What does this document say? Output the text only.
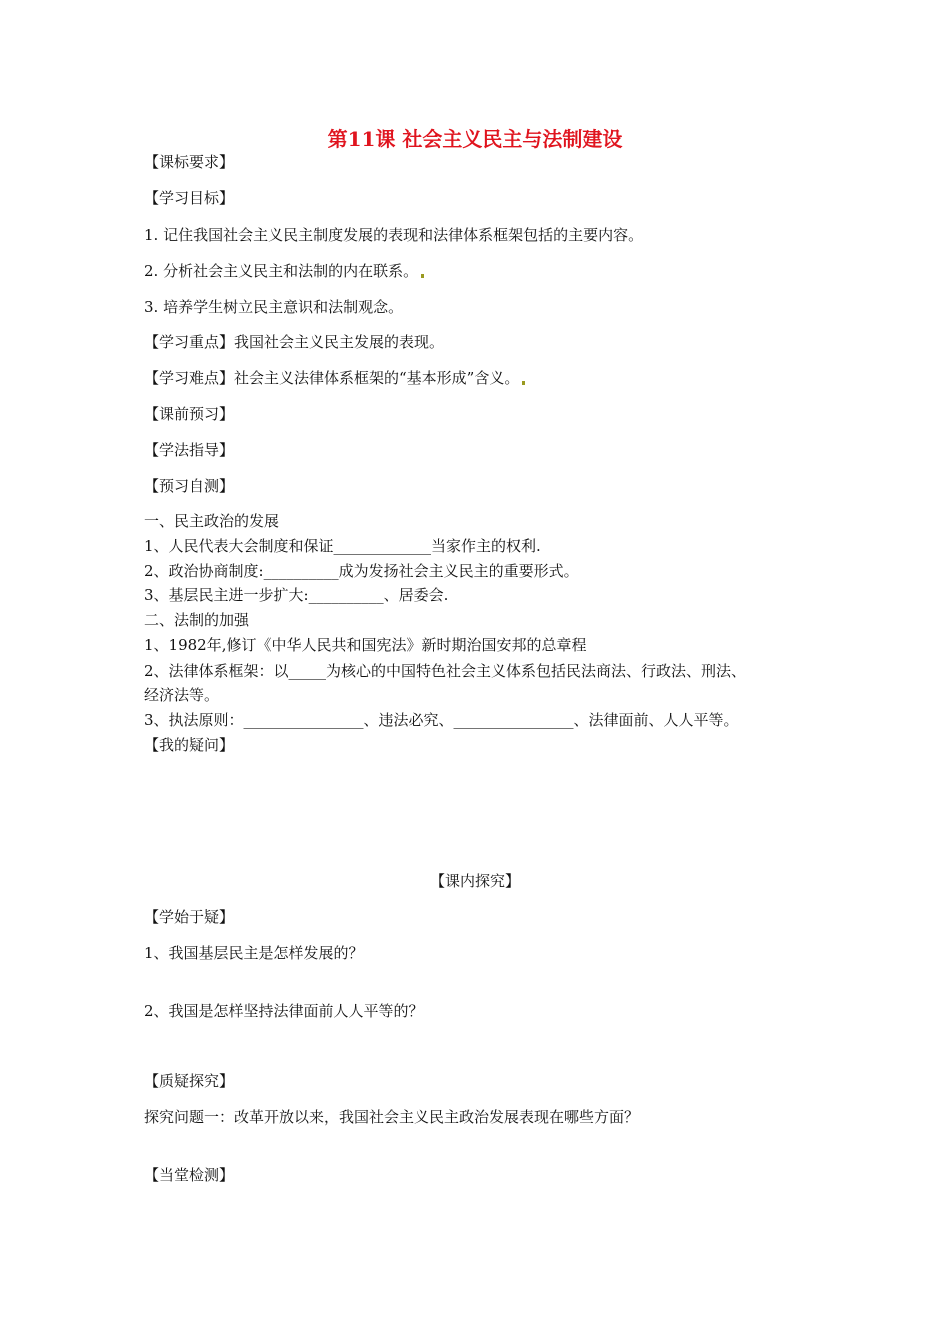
第11课 社会主义民主与法制建设
【课标要求】
【学习目标】
1. 记住我国社会主义民主制度发展的表现和法律体系框架包括的主要内容。
2. 分析社会主义民主和法制的内在联系。
3. 培养学生树立民主意识和法制观念。
【学习重点】我国社会主义民主发展的表现。
【学习难点】社会主义法律体系框架的“基本形成”含义。
【课前预习】
【学法指导】
【预习自测】
一、民主政治的发展
1、人民代表大会制度和保证_____________当家作主的权利.
2、政治协商制度:__________成为发扬社会主义民主的重要形式。
3、基层民主进一步扩大:__________、居委会.
二、法制的加强
1、1982年,修订《中华人民共和国宪法》新时期治国安邦的总章程
2、法律体系框架：以_____为核心的中国特色社会主义体系包括民法商法、行政法、刑法、
经济法等。
3、执法原则：________________、违法必究、________________、法律面前、人人平等。
【我的疑问】
【课内探究】
【学始于疑】
1、我国基层民主是怎样发展的？
2、我国是怎样坚持法律面前人人平等的？
【质疑探究】
探究问题一：改革开放以来，我国社会主义民主政治发展表现在哪些方面？
【当堂检测】
